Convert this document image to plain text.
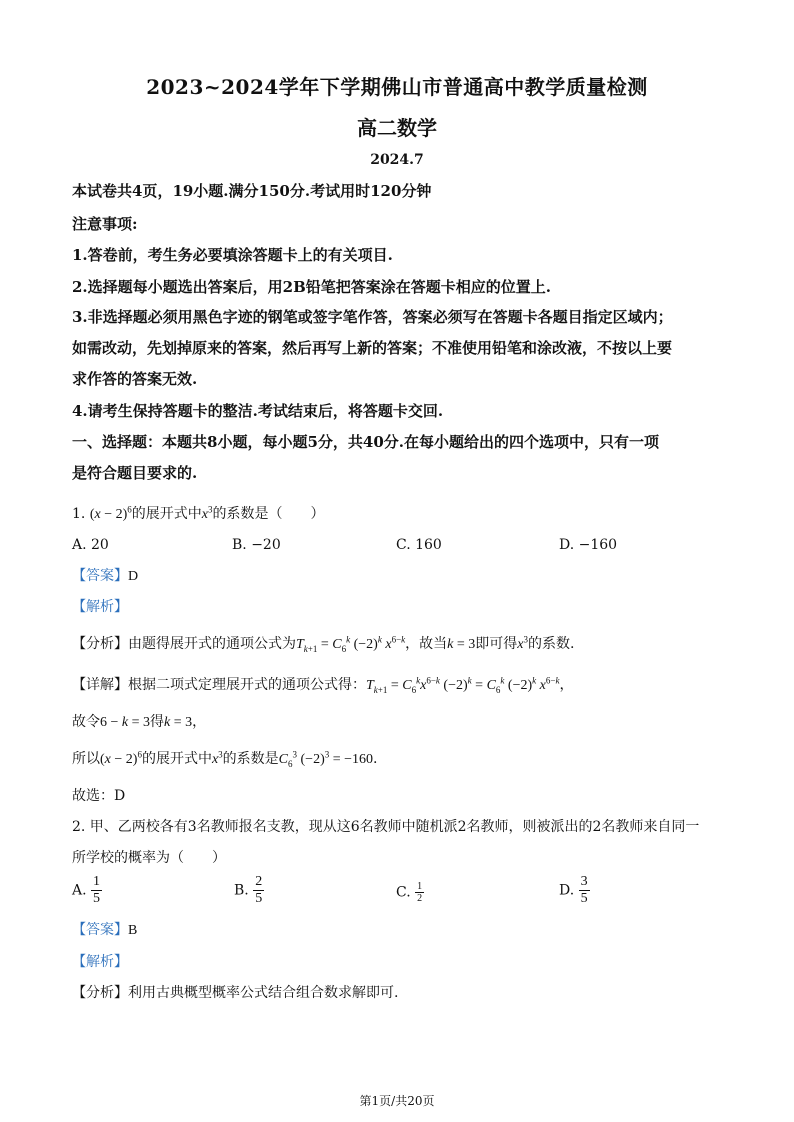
2023~2024学年下学期佛山市普通高中教学质量检测
高二数学
2024.7
本试卷共4页，19小题.满分150分.考试用时120分钟
注意事项:
1.答卷前，考生务必要填涂答题卡上的有关项目.
2.选择题每小题选出答案后，用2B铅笔把答案涂在答题卡相应的位置上.
3.非选择题必须用黑色字迹的钢笔或签字笔作答，答案必须写在答题卡各题目指定区域内；
如需改动，先划掉原来的答案，然后再写上新的答案；不准使用铅笔和涂改液，不按以上要
求作答的答案无效.
4.请考生保持答题卡的整洁.考试结束后，将答题卡交回.
一、选择题：本题共8小题，每小题5分，共40分.在每小题给出的四个选项中，只有一项
是符合题目要求的.
1. $(x - 2)^6$的展开式中$x^3$的系数是（　　）
A. 20	B. −20	C. 160	D. −160
【答案】D
【解析】
【分析】由题得展开式的通项公式为$T_{k+1} = C_6^k$ $(-2)^k$ $x^{6-k}$，故当k = 3即可得$x^3$的系数.
【详解】根据二项式定理展开式的通项公式得：$T_{k+1} = C_6^kx^{6-k}$ $(-2)^k = C_6^k$ $(-2)^k$ $x^{6-k}$，
故令6 − k = 3得k = 3，
所以$(x - 2)^6$的展开式中$x^3$的系数是$C_6^3$ $(-2)^3 = -160$.
故选：D
2. 甲、乙两校各有3名教师报名支教，现从这6名教师中随机派2名教师，则被派出的2名教师来自同一
所学校的概率为（　　）
A. $\frac{1}{5}$	B. $\frac{2}{5}$	C. $\frac{1}{2}$	D. $\frac{3}{5}$
【答案】B
【解析】
【分析】利用古典概型概率公式结合组合数求解即可.
第1页/共20页
